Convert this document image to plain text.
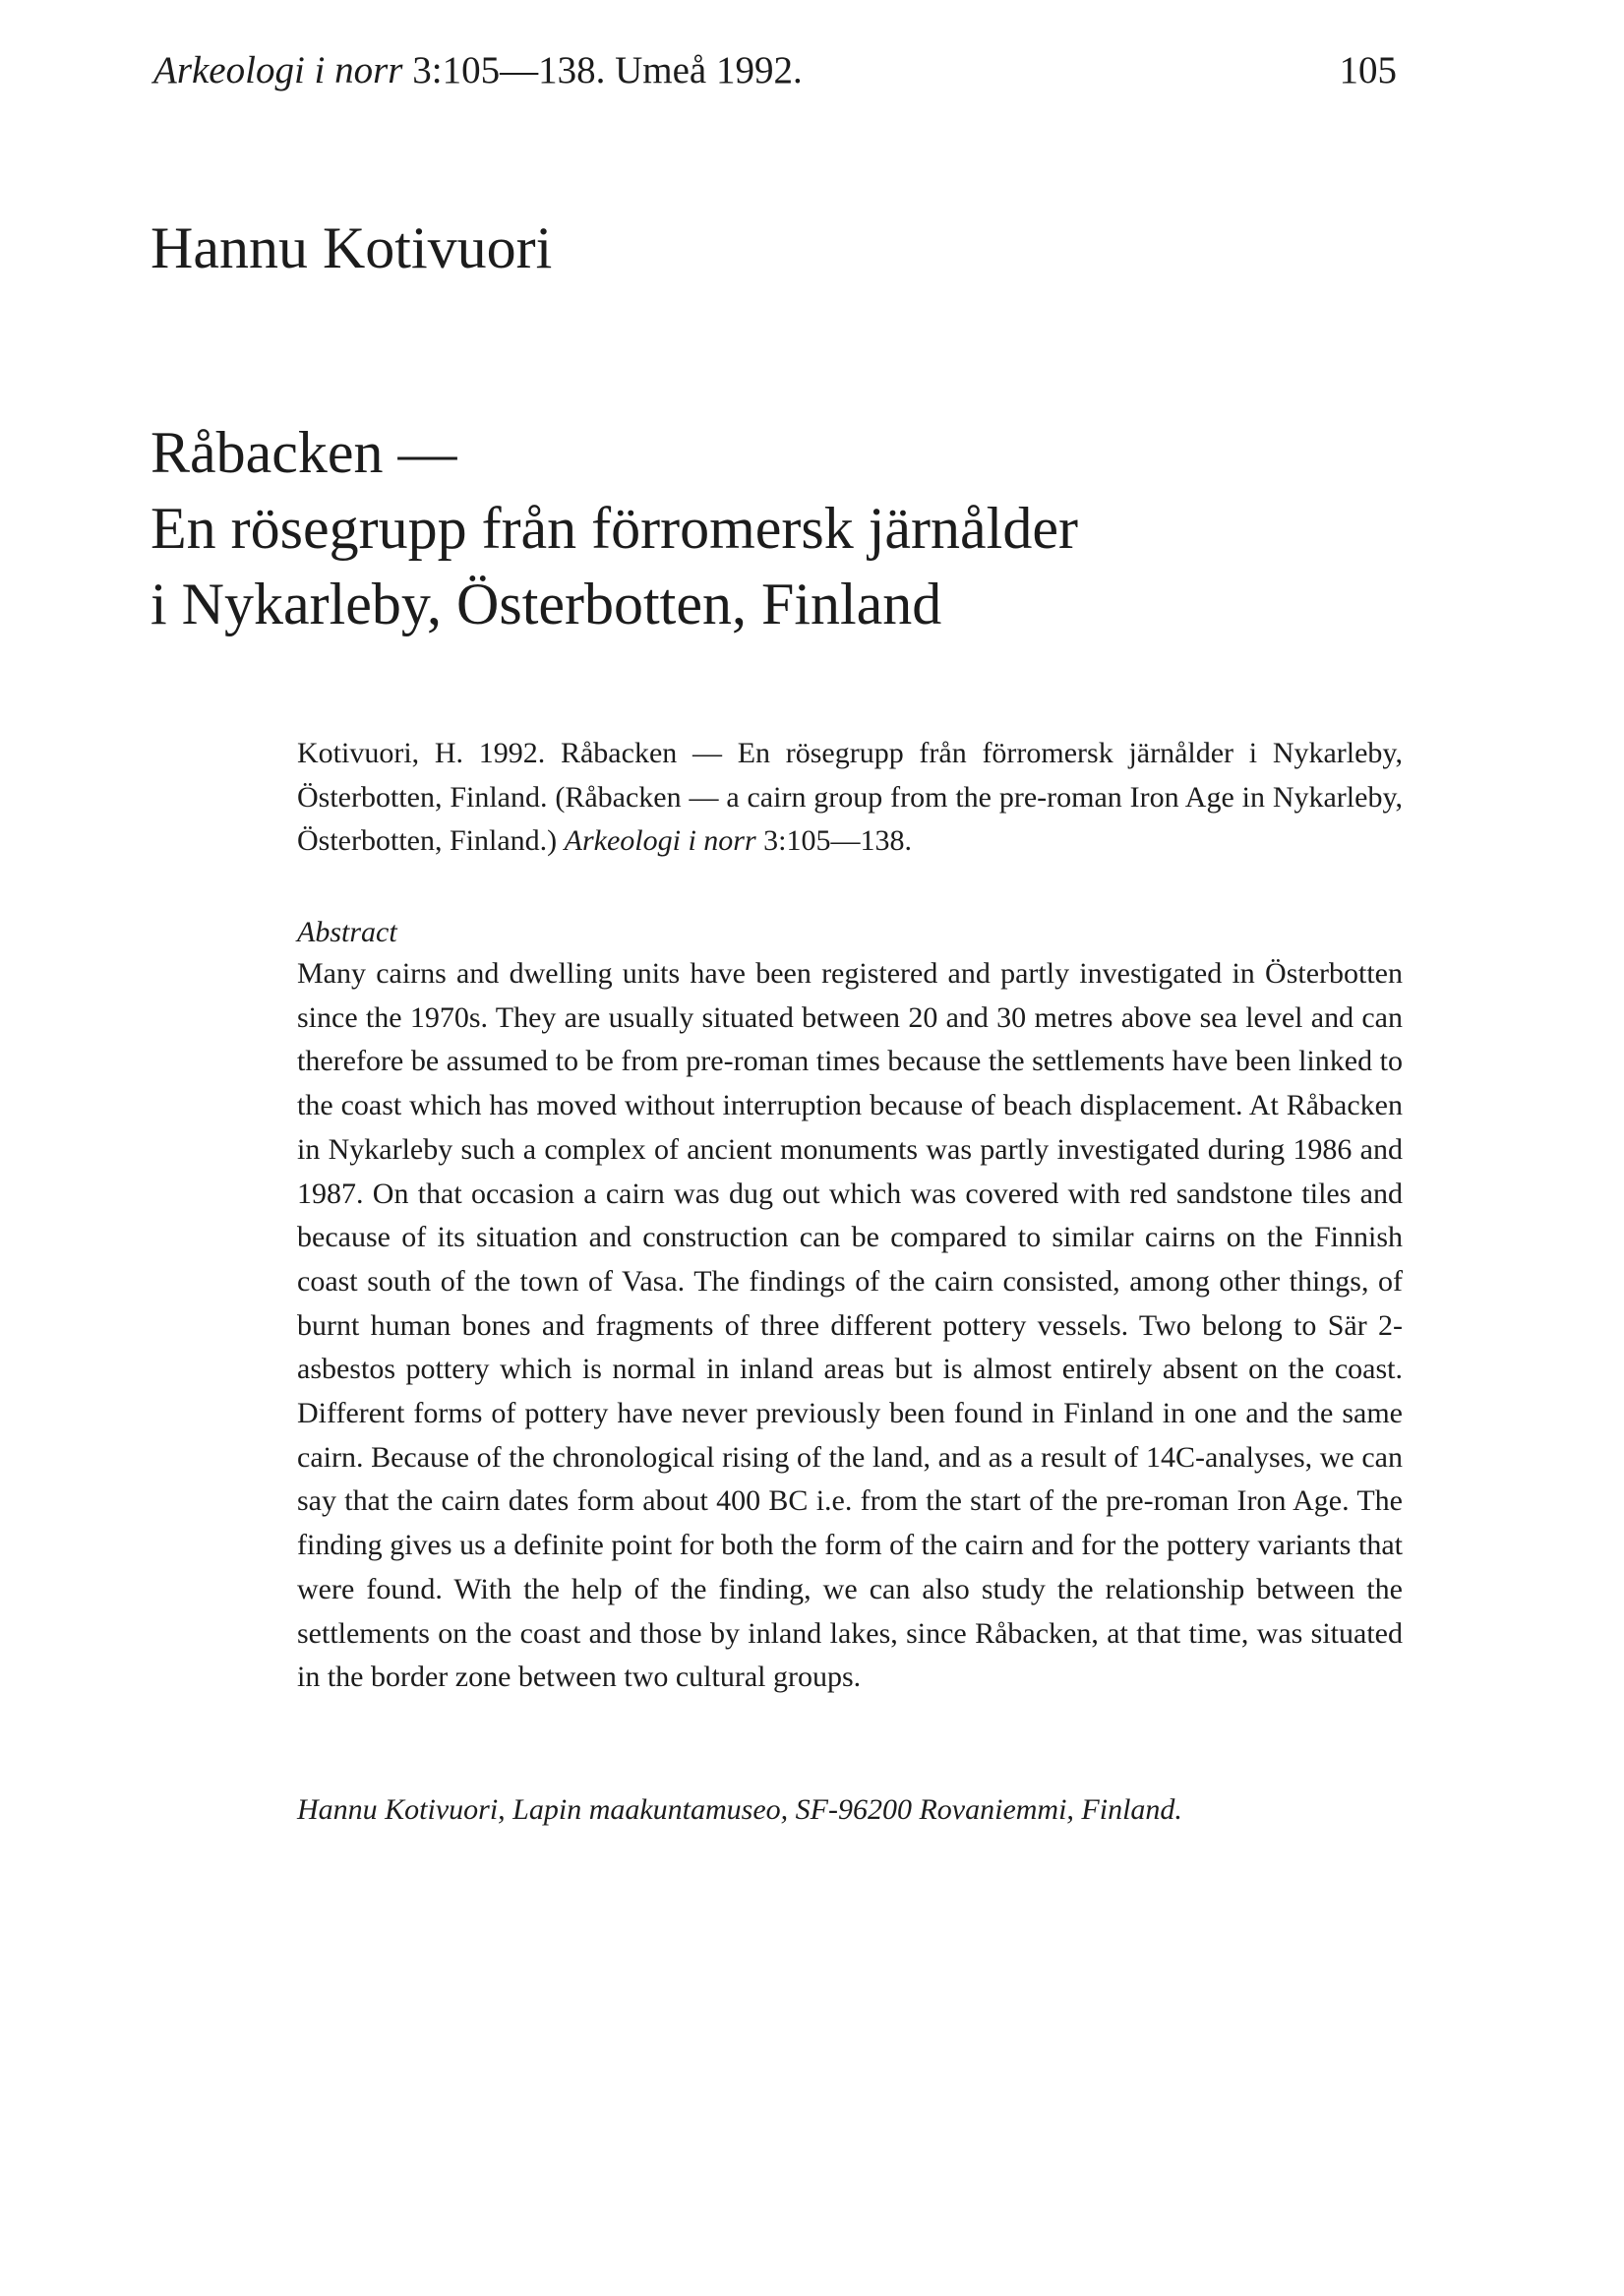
Arkeologi i norr 3:105—138. Umeå 1992.	105
Hannu Kotivuori
Råbacken —
En rösegrupp från förromersk järnålder
i Nykarleby, Österbotten, Finland

Kotivuori, H. 1992. Råbacken — En rösegrupp från förromersk järnålder i Nykarleby, Österbotten, Finland. (Råbacken — a cairn group from the pre-roman Iron Age in Nykarleby, Österbotten, Finland.) Arkeologi i norr 3:105—138.

Abstract

Many cairns and dwelling units have been registered and partly investigated in Österbotten since the 1970s. They are usually situated between 20 and 30 metres above sea level and can therefore be assumed to be from pre-roman times because the settlements have been linked to the coast which has moved without interruption because of beach displacement. At Råbacken in Nykarleby such a complex of ancient monuments was partly investigated during 1986 and 1987. On that occasion a cairn was dug out which was covered with red sandstone tiles and because of its situation and construction can be compared to similar cairns on the Finnish coast south of the town of Vasa. The findings of the cairn consisted, among other things, of burnt human bones and fragments of three different pottery vessels. Two belong to Sär 2-asbestos pottery which is normal in inland areas but is almost entirely absent on the coast. Different forms of pottery have never previously been found in Finland in one and the same cairn. Because of the chronological rising of the land, and as a result of 14C-analyses, we can say that the cairn dates form about 400 BC i.e. from the start of the pre-roman Iron Age. The finding gives us a definite point for both the form of the cairn and for the pottery variants that were found. With the help of the finding, we can also study the relationship between the settlements on the coast and those by inland lakes, since Råbacken, at that time, was situated in the border zone between two cultural groups.

Hannu Kotivuori, Lapin maakuntamuseo, SF-96200 Rovaniemmi, Finland.
